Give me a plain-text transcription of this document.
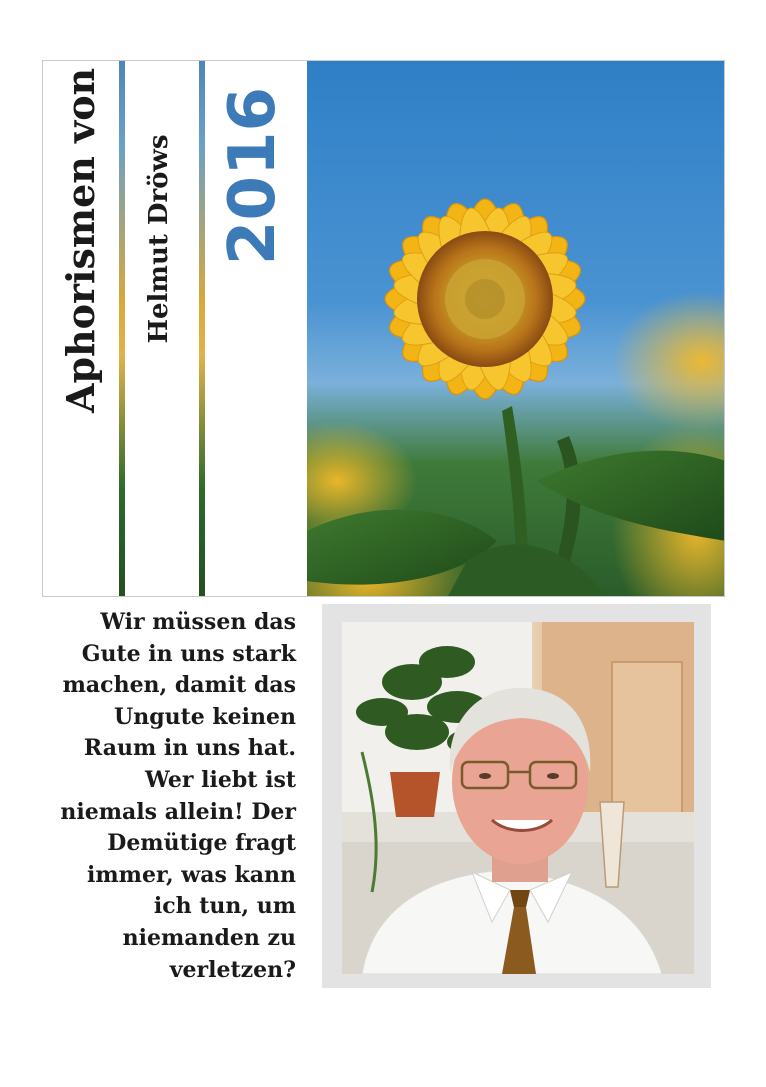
Aphorismen von	Helmut Dröws 2016
Wir müssen das
Gute in uns stark
machen, damit das
Ungute keinen
Raum in uns hat.
Wer liebt ist
niemals allein! Der
Demütige fragt
immer, was kann
ich tun, um
niemanden zu
verletzen?
